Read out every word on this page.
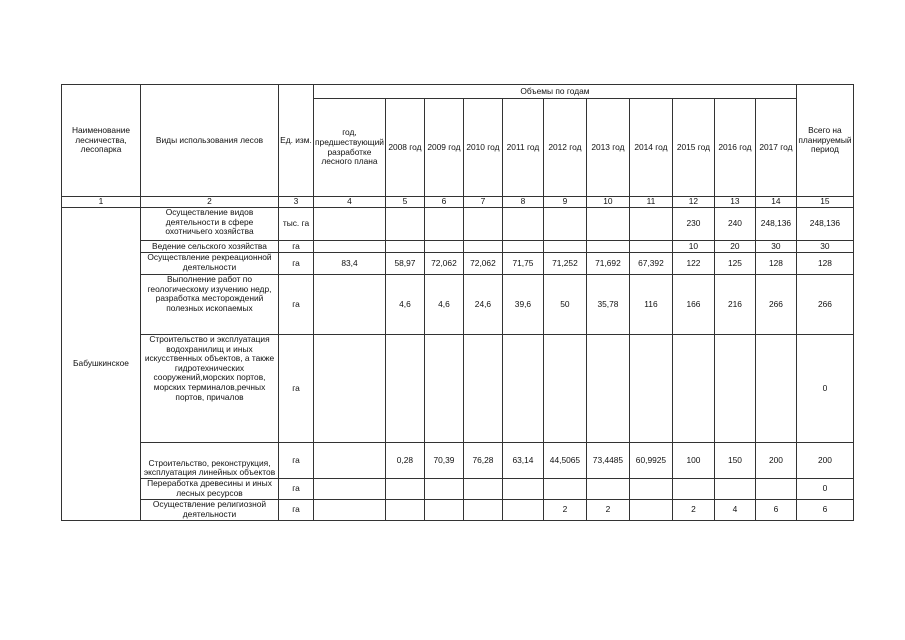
Наименование лесничества, лесопарка	Виды использования лесов	Ед. изм.	Объемы по годам											Всего на планируемый период
			год, предшествующий разработке лесного плана	2008 год	2009 год	2010 год	2011 год	2012 год	2013 год	2014 год	2015 год	2016 год	2017 год	
1	2	3	4	5	6	7	8	9	10	11	12	13	14	15
Бабушкинское	Осуществление видов деятельности в сфере охотничьего хозяйства	тыс. га									230	240	248,136	248,136
	Ведение сельского хозяйства	га									10	20	30	30
	Осуществление рекреационной деятельности	га	83,4	58,97	72,062	72,062	71,75	71,252	71,692	67,392	122	125	128	128
	Выполнение работ по геологическому изучению недр, разработка месторождений полезных ископаемых	га		4,6	4,6	24,6	39,6	50	35,78	116	166	216	266	266
	Строительство и эксплуатация водохранилищ и иных искусственных объектов, а также гидротехнических сооружений,морских портов, морских терминалов,речных портов, причалов	га												0
	Строительство, реконструкция, эксплуатация линейных объектов	га		0,28	70,39	76,28	63,14	44,5065	73,4485	60,9925	100	150	200	200
	Переработка древесины и иных лесных ресурсов	га												0
	Осуществление религиозной деятельности	га						2	2		2	4	6	6
